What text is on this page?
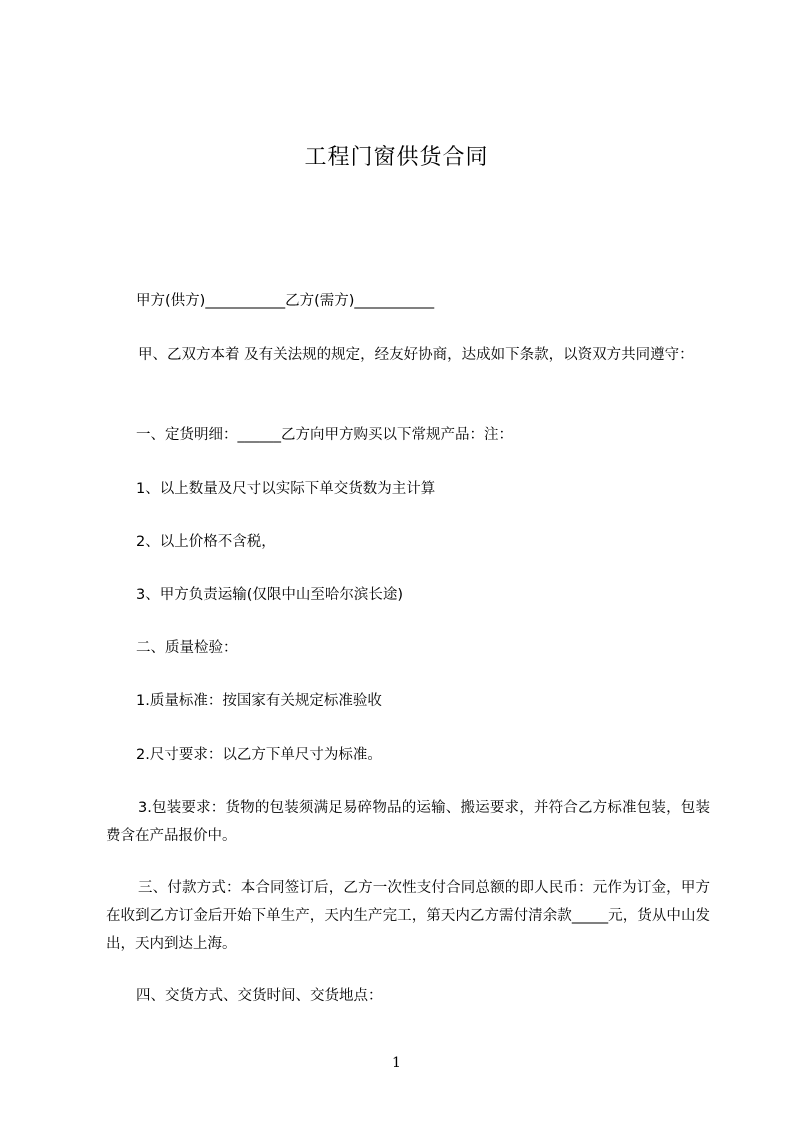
工程门窗供货合同
甲方(供方)___________乙方(需方)___________
甲、乙双方本着 及有关法规的规定，经友好协商，达成如下条款，以资双方共同遵守：
一、定货明细：______乙方向甲方购买以下常规产品：注：
1、以上数量及尺寸以实际下单交货数为主计算
2、以上价格不含税，
3、甲方负责运输(仅限中山至哈尔滨长途)
二、质量检验：
1.质量标准：按国家有关规定标准验收
2.尺寸要求：以乙方下单尺寸为标准。
3.包装要求：货物的包装须满足易碎物品的运输、搬运要求，并符合乙方标准包装，包装费含在产品报价中。
三、付款方式：本合同签订后，乙方一次性支付合同总额的即人民币：元作为订金，甲方在收到乙方订金后开始下单生产，天内生产完工，第天内乙方需付清余款_____元，货从中山发出，天内到达上海。
四、交货方式、交货时间、交货地点：
1
